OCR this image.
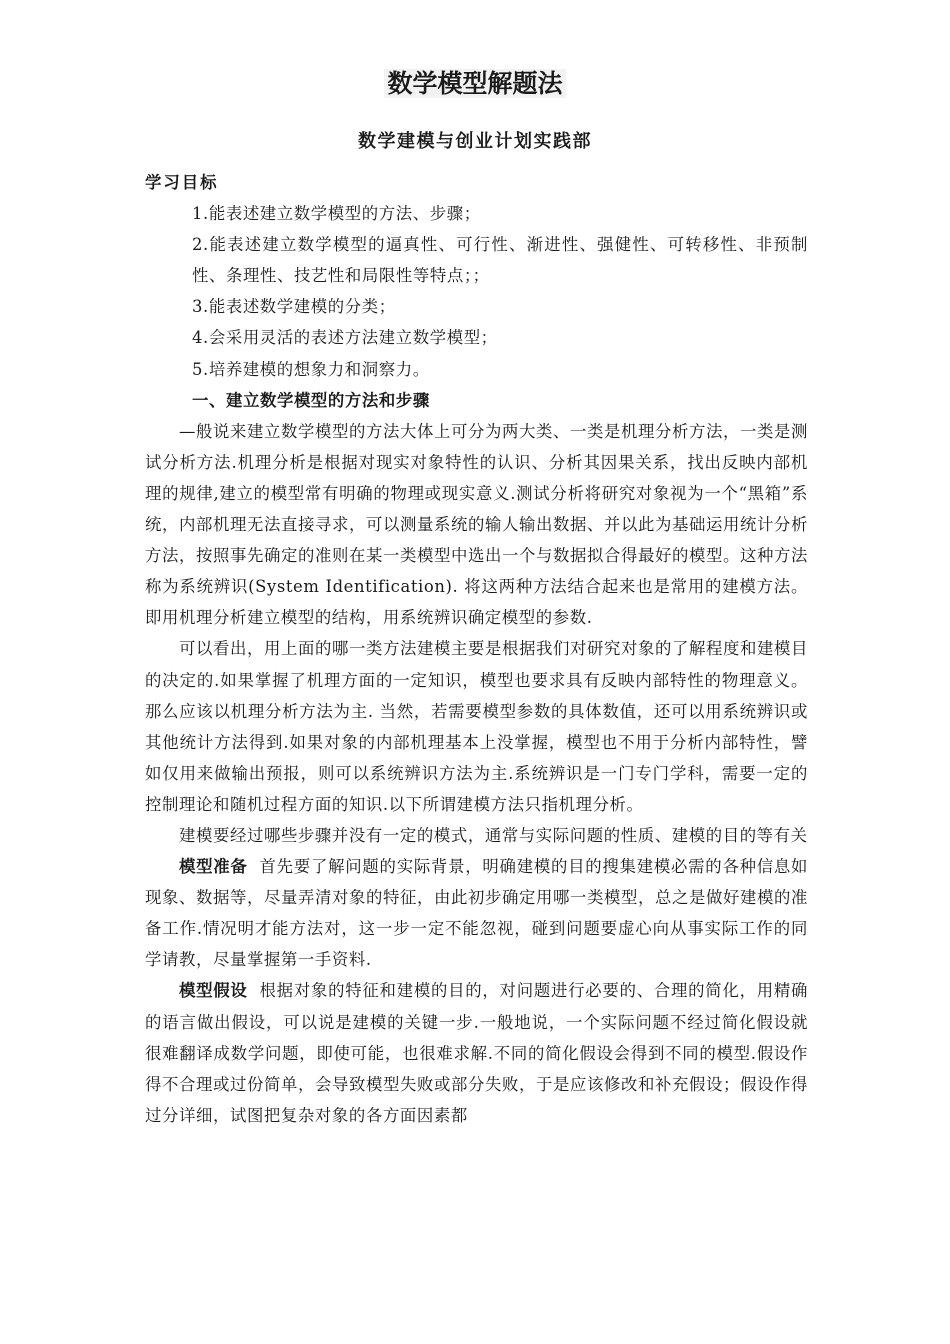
数学模型解题法
数学建模与创业计划实践部

学习目标

1.能表述建立数学模型的方法、步骤；

2.能表述建立数学模型的逼真性、可行性、渐进性、强健性、可转移性、非预制性、条理性、技艺性和局限性等特点；；

3.能表述数学建模的分类；

4.会采用灵活的表述方法建立数学模型；

5.培养建模的想象力和洞察力。

一、建立数学模型的方法和步骤

—般说来建立数学模型的方法大体上可分为两大类、一类是机理分析方法，一类是测试分析方法.机理分析是根据对现实对象特性的认识、分析其因果关系，找出反映内部机理的规律,建立的模型常有明确的物理或现实意义.测试分析将研究对象视为一个“黑箱”系统，内部机理无法直接寻求，可以测量系统的输人输出数据、并以此为基础运用统计分析方法，按照事先确定的准则在某一类模型中选出一个与数据拟合得最好的模型。这种方法称为系统辨识(System Identification). 将这两种方法结合起来也是常用的建模方法。即用机理分析建立模型的结构，用系统辨识确定模型的参数.

可以看出，用上面的哪一类方法建模主要是根据我们对研究对象的了解程度和建模目的决定的.如果掌握了机理方面的一定知识，模型也要求具有反映内部特性的物理意义。那么应该以机理分析方法为主. 当然，若需要模型参数的具体数值，还可以用系统辨识或其他统计方法得到.如果对象的内部机理基本上没掌握，模型也不用于分析内部特性，譬如仅用来做输出预报，则可以系统辨识方法为主.系统辨识是一门专门学科，需要一定的控制理论和随机过程方面的知识.以下所谓建模方法只指机理分析。

建模要经过哪些步骤并没有一定的模式，通常与实际问题的性质、建模的目的等有关

模型准备 首先要了解问题的实际背景，明确建模的目的搜集建模必需的各种信息如现象、数据等，尽量弄清对象的特征，由此初步确定用哪一类模型，总之是做好建模的准备工作.情况明才能方法对，这一步一定不能忽视，碰到问题要虚心向从事实际工作的同学请教，尽量掌握第一手资料.

模型假设 根据对象的特征和建模的目的，对问题进行必要的、合理的简化，用精确的语言做出假设，可以说是建模的关键一步.一般地说，一个实际问题不经过简化假设就很难翻译成数学问题，即使可能，也很难求解.不同的简化假设会得到不同的模型.假设作得不合理或过份简单，会导致模型失败或部分失败，于是应该修改和补充假设；假设作得过分详细，试图把复杂对象的各方面因素都
